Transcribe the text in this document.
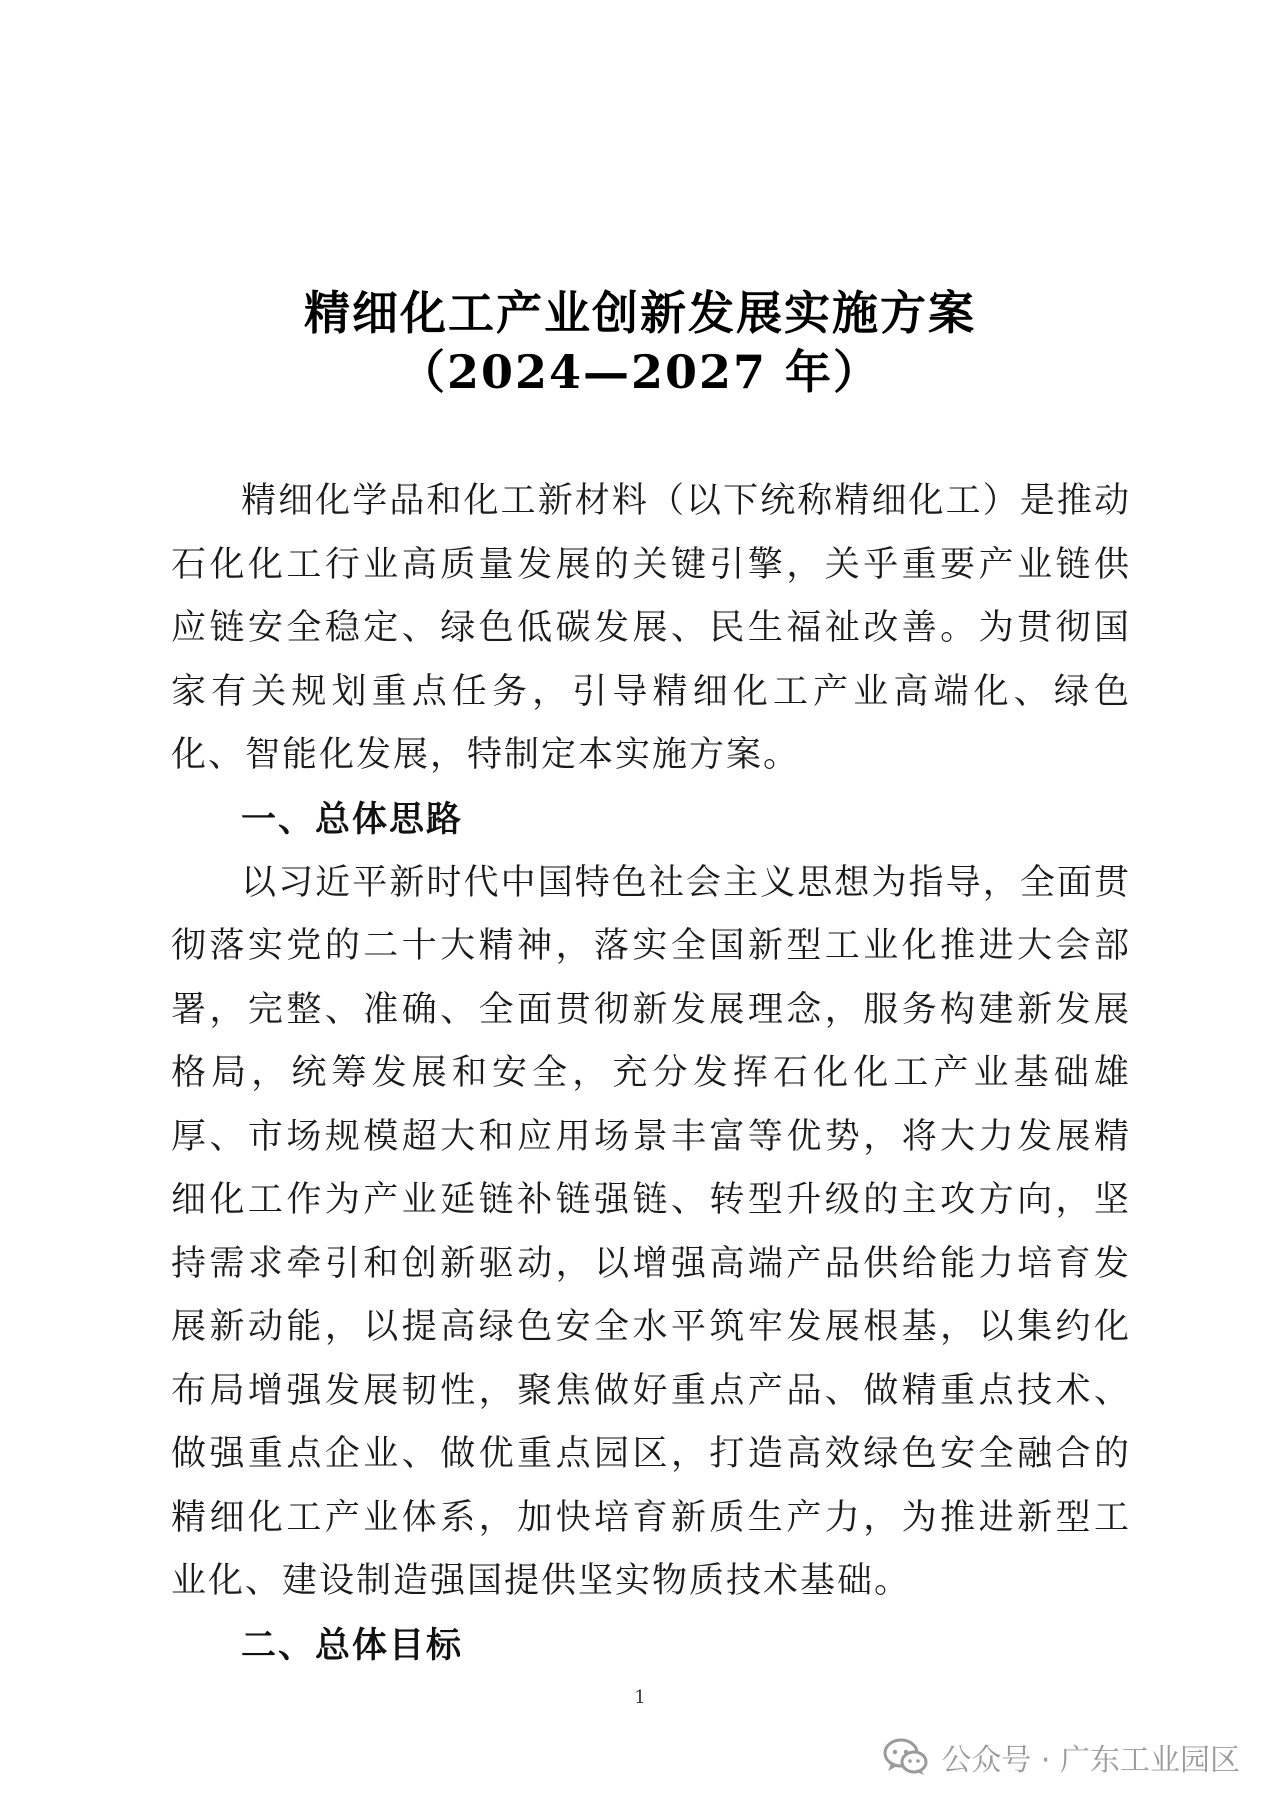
精细化工产业创新发展实施方案
（2024—2027 年）

精细化学品和化工新材料（以下统称精细化工）是推动石化化工行业高质量发展的关键引擎，关乎重要产业链供应链安全稳定、绿色低碳发展、民生福祉改善。为贯彻国家有关规划重点任务，引导精细化工产业高端化、绿色化、智能化发展，特制定本实施方案。

一、总体思路

以习近平新时代中国特色社会主义思想为指导，全面贯彻落实党的二十大精神，落实全国新型工业化推进大会部署，完整、准确、全面贯彻新发展理念，服务构建新发展格局，统筹发展和安全，充分发挥石化化工产业基础雄厚、市场规模超大和应用场景丰富等优势，将大力发展精细化工作为产业延链补链强链、转型升级的主攻方向，坚持需求牵引和创新驱动，以增强高端产品供给能力培育发展新动能，以提高绿色安全水平筑牢发展根基，以集约化布局增强发展韧性，聚焦做好重点产品、做精重点技术、做强重点企业、做优重点园区，打造高效绿色安全融合的精细化工产业体系，加快培育新质生产力，为推进新型工业化、建设制造强国提供坚实物质技术基础。

二、总体目标

1
公众号 · 广东工业园区
